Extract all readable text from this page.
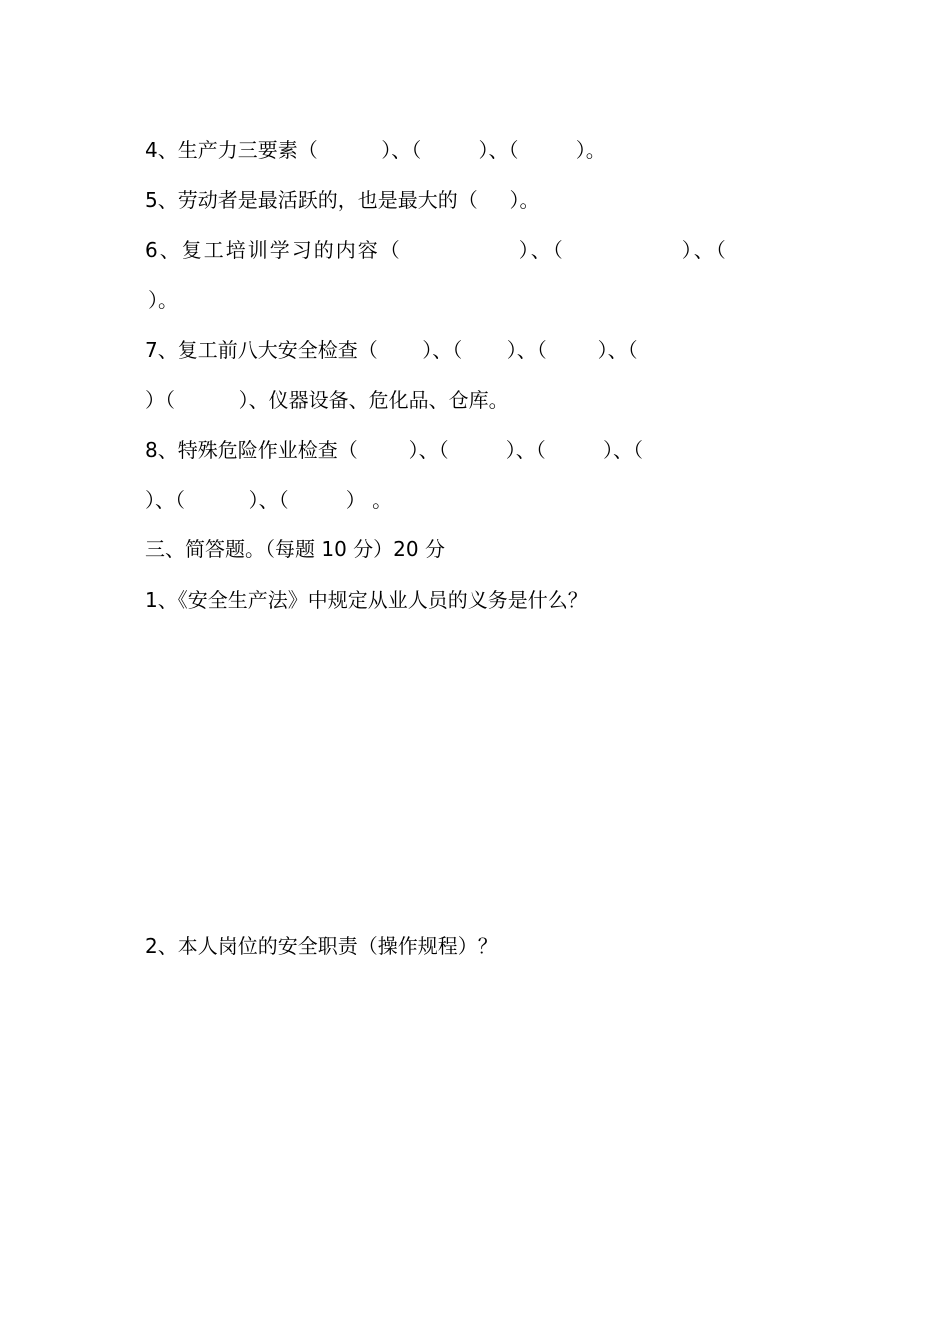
4、生产力三要素（          ）、（         ）、（         ）。
5、劳动者是最活跃的，也是最大的（     ）。
6、复工培训学习的内容（              ）、（              ）、（
）。
7、复工前八大安全检查（       ）、（       ）、（        ）、（
）（          ）、仪器设备、危化品、仓库。
8、特殊危险作业检查（        ）、（         ）、（         ）、（
）、（          ）、（         ） 。
三、简答题。（每题 10 分）20 分
1、《安全生产法》中规定从业人员的义务是什么？
2、本人岗位的安全职责（操作规程）？
